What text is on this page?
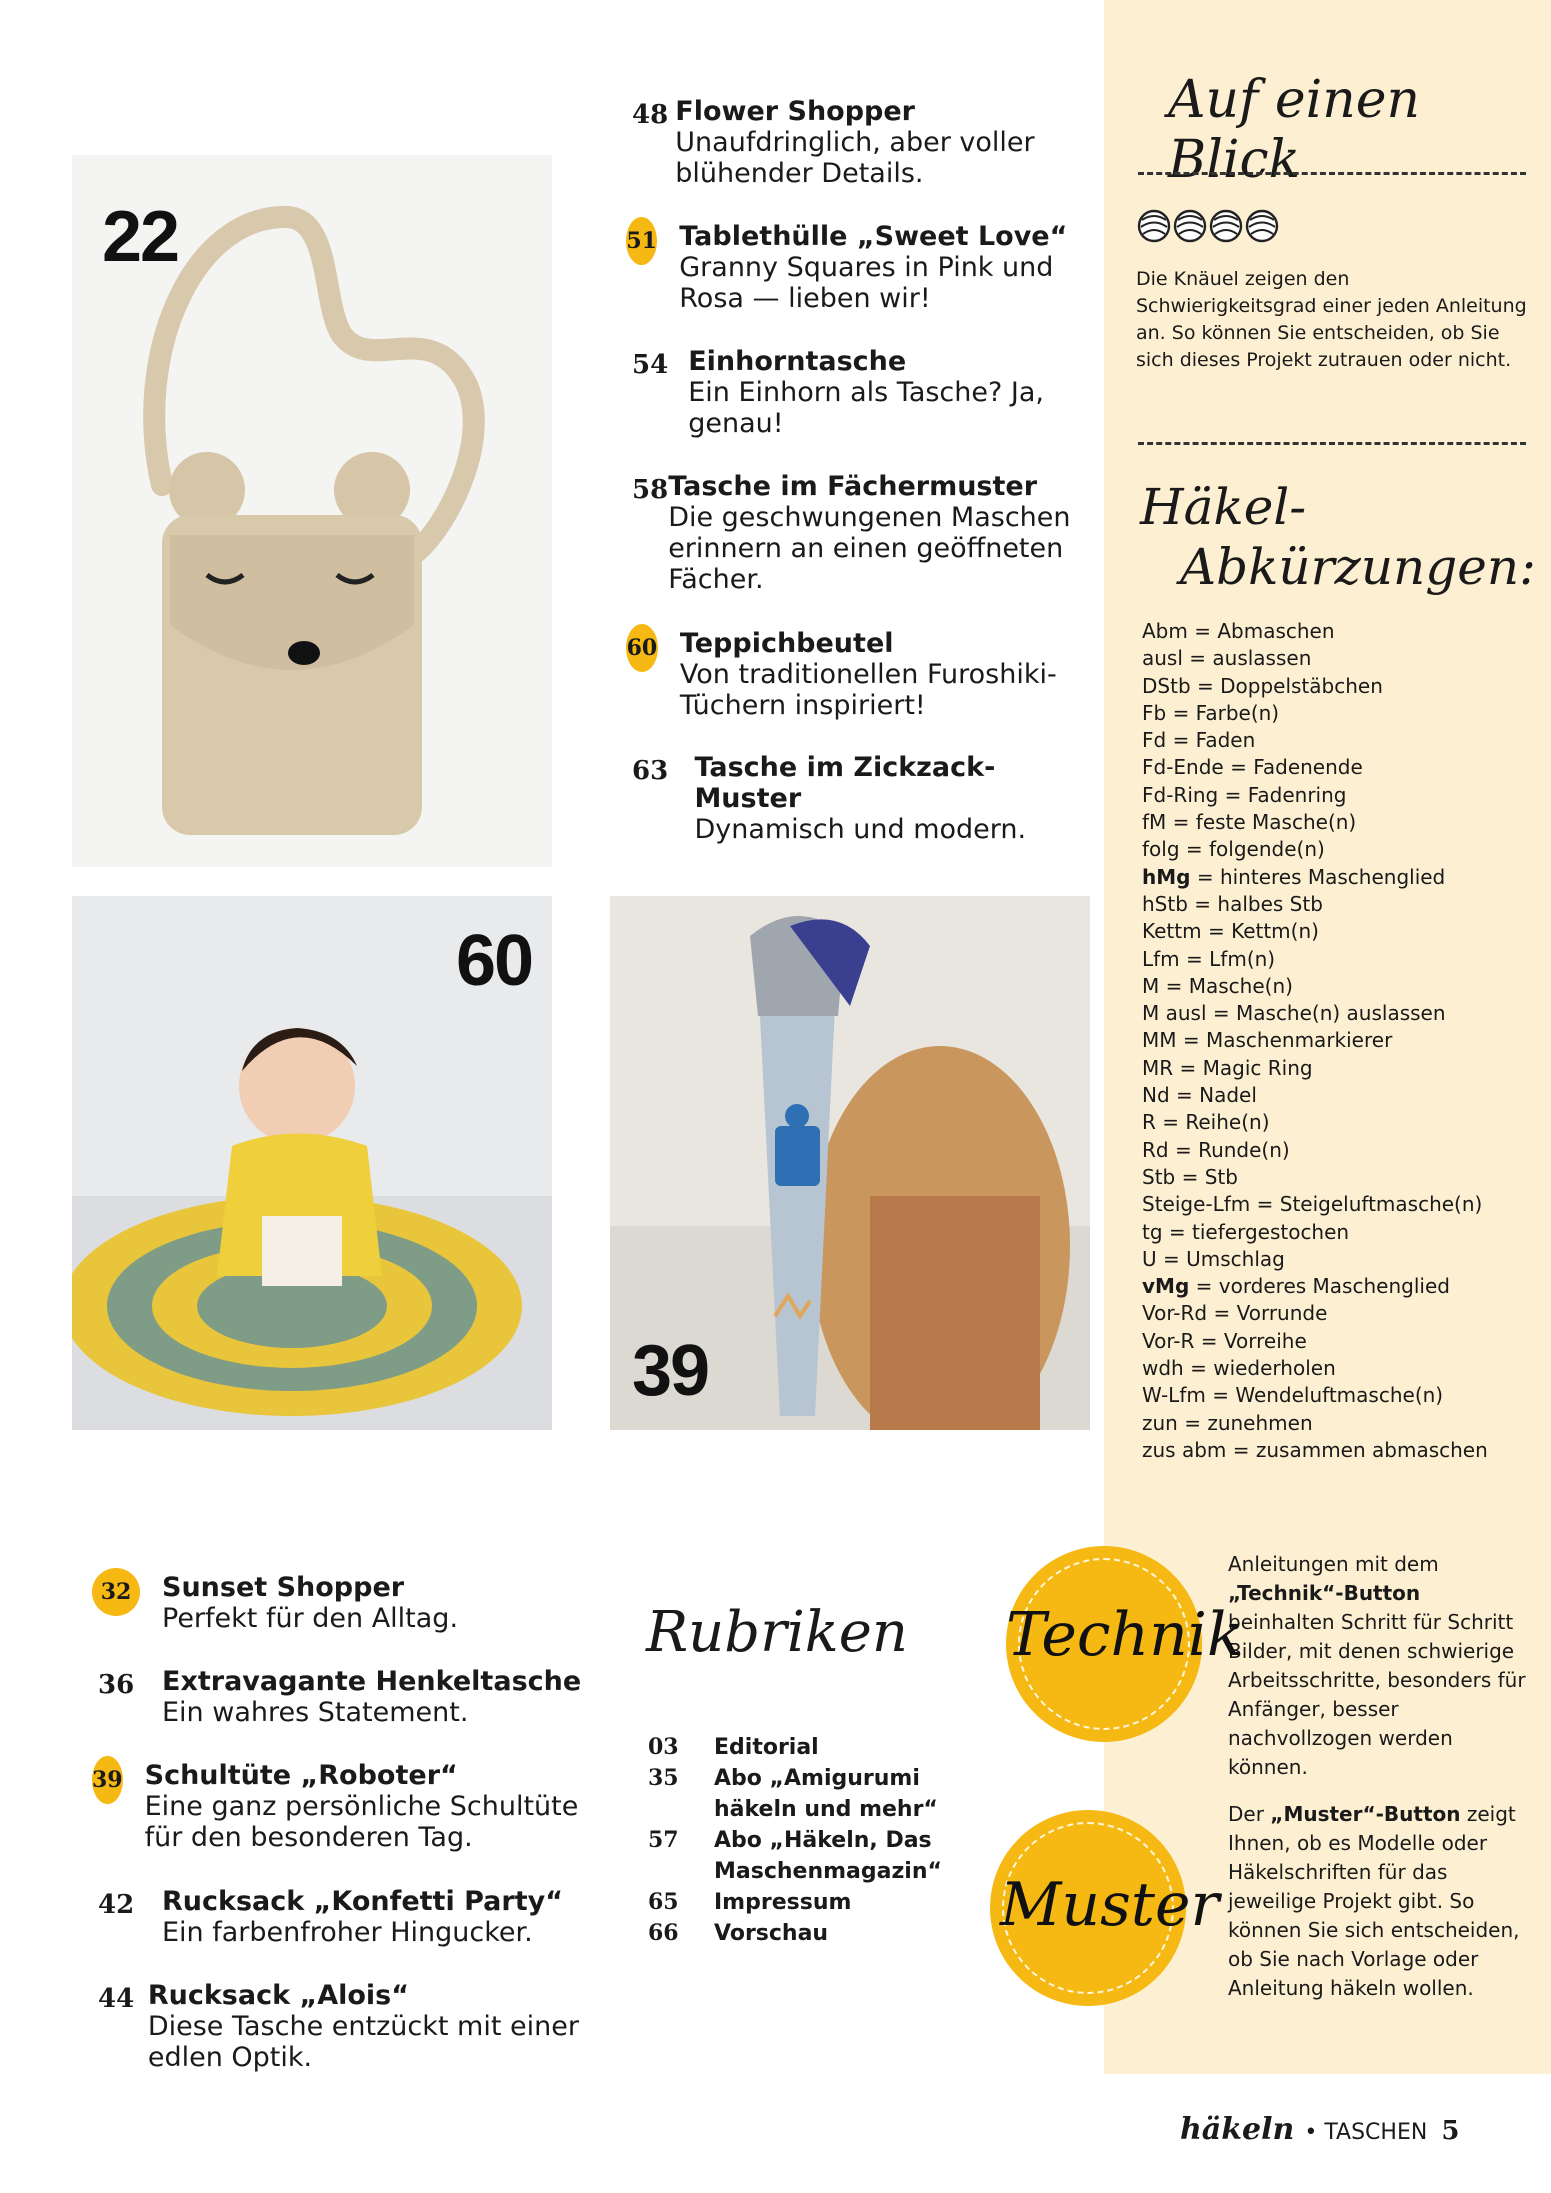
Auf einen Blick
Die Knäuel zeigen den Schwierigkeitsgrad einer jeden Anleitung an. So können Sie entscheiden, ob Sie sich dieses Projekt zutrauen oder nicht.
Häkel-
Abkürzungen:
Abm = Abmaschen
ausl = auslassen
DStb = Doppelstäbchen
Fb = Farbe(n)
Fd = Faden
Fd-Ende = Fadenende
Fd-Ring = Fadenring
fM = feste Masche(n)
folg = folgende(n)
hMg = hinteres Maschenglied
hStb = halbes Stb
Kettm = Kettm(n)
Lfm = Lfm(n)
M = Masche(n)
M ausl = Masche(n) auslassen
MM = Maschenmarkierer
MR = Magic Ring
Nd = Nadel
R = Reihe(n)
Rd = Runde(n)
Stb = Stb
Steige-Lfm = Steigeluftmasche(n)
tg = tiefergestochen
U = Umschlag
vMg = vorderes Maschenglied
Vor-Rd = Vorrunde
Vor-R = Vorreihe
wdh = wiederholen
W-Lfm = Wendeluftmasche(n)
zun = zunehmen
zus abm = zusammen abmaschen
Anleitungen mit dem „Technik“-Button beinhalten Schritt für Schritt Bilder, mit denen schwierige Arbeitsschritte, besonders für Anfänger, besser nachvollzogen werden können.
Der „Muster“-Button zeigt Ihnen, ob es Modelle oder Häkelschriften für das jeweilige Projekt gibt. So können Sie sich entscheiden, ob Sie nach Vorlage oder Anleitung häkeln wollen.
Technik
Muster
22
60
39
48 Flower Shopper
Unaufdringlich, aber voller blühender Details.
51 Tablethülle „Sweet Love“
Granny Squares in Pink und Rosa — lieben wir!
54 Einhorntasche
Ein Einhorn als Tasche? Ja, genau!
58 Tasche im Fächermuster
Die geschwungenen Maschen erinnern an einen geöffneten Fächer.
60 Teppichbeutel
Von traditionellen Furoshiki-Tüchern inspiriert!
63 Tasche im Zickzack-Muster
Dynamisch und modern.
32	Sunset Shopper
Perfekt für den Alltag.
36	Extravagante Henkeltasche
Ein wahres Statement.
39 Schultüte „Roboter“
Eine ganz persönliche Schultüte für den besonderen Tag.
42	Rucksack „Konfetti Party“
Ein farbenfroher Hingucker.
44 Rucksack „Alois“
Diese Tasche entzückt mit einer edlen Optik.
Rubriken
03	Editorial
35	Abo „Amigurumi häkeln und mehr“
57	Abo „Häkeln, Das Maschenmagazin“
65	Impressum
66	Vorschau
häkeln • TASCHEN 5
